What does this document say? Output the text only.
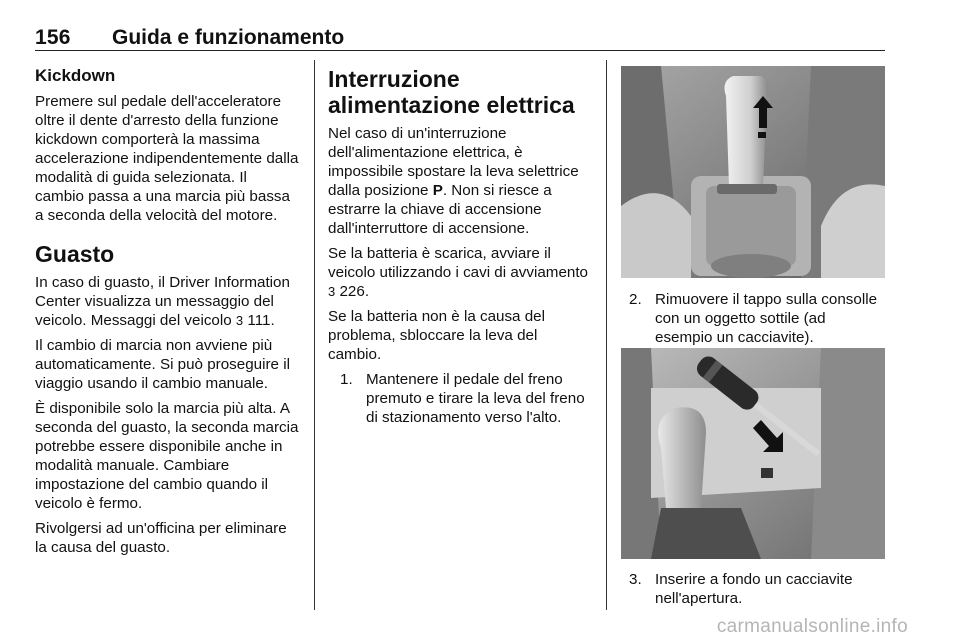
156 Guida e funzionamento
Kickdown

Premere sul pedale dell'acceleratore oltre il dente d'arresto della funzione kickdown comporterà la massima accelerazione indipendentemente dalla modalità di guida selezionata. Il cambio passa a una marcia più bassa a seconda della velocità del motore.

Guasto

In caso di guasto, il Driver Information Center visualizza un messaggio del veicolo. Messaggi del veicolo 3 111.

Il cambio di marcia non avviene più automaticamente. Si può proseguire il viaggio usando il cambio manuale.

È disponibile solo la marcia più alta. A seconda del guasto, la seconda marcia potrebbe essere disponibile anche in modalità manuale. Cambiare impostazione del cambio quando il veicolo è fermo.

Rivolgersi ad un'officina per eliminare la causa del guasto.

Interruzione alimentazione elettrica

Nel caso di un'interruzione dell'alimentazione elettrica, è impossibile spostare la leva selettrice dalla posizione P. Non si riesce a estrarre la chiave di accensione dall'interruttore di accensione.

Se la batteria è scarica, avviare il veicolo utilizzando i cavi di avviamento 3 226.

Se la batteria non è la causa del problema, sbloccare la leva del cambio.

1. Mantenere il pedale del freno premuto e tirare la leva del freno di stazionamento verso l'alto.
2. Rimuovere il tappo sulla consolle con un oggetto sottile (ad esempio un cacciavite).
3. Inserire a fondo un cacciavite nell'apertura.
carmanualsonline.info
